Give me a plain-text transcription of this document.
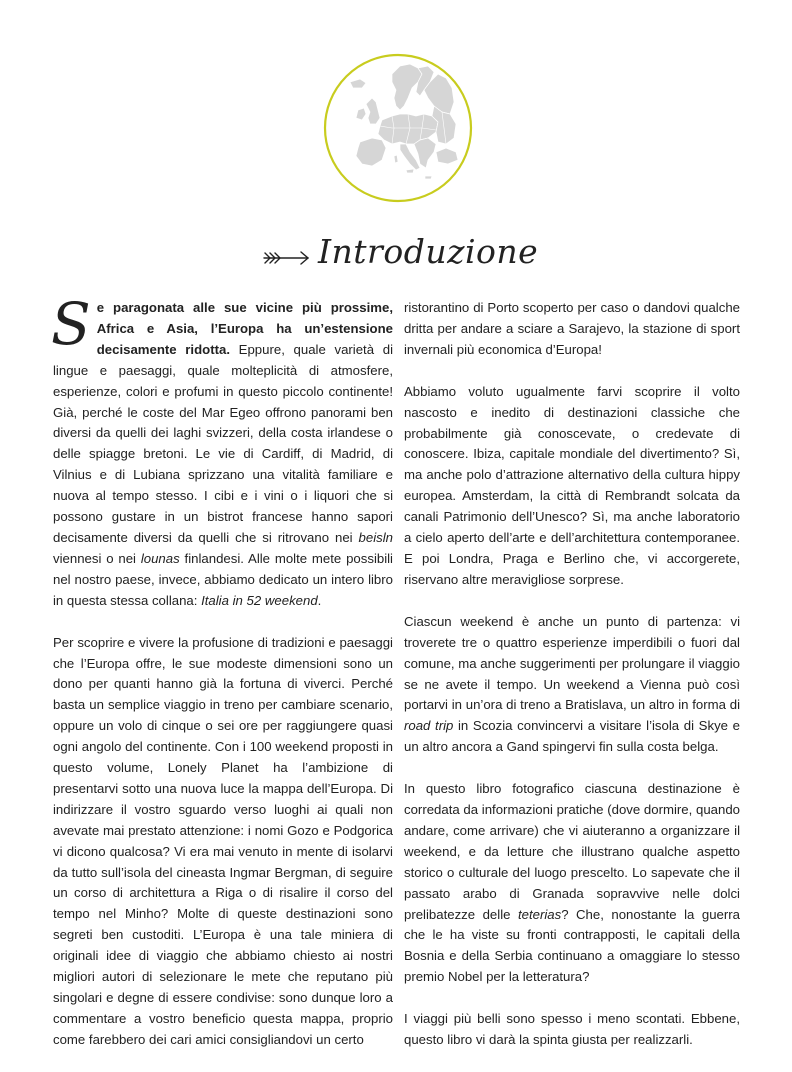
Introduzione

Se paragonata alle sue vicine più prossime, Africa e Asia, l’Europa ha un’estensione decisamente ridotta. Eppure, quale varietà di lingue e paesaggi, quale molteplicità di atmosfere, esperienze, colori e profumi in questo piccolo continente! Già, perché le coste del Mar Egeo offrono panorami ben diversi da quelli dei laghi svizzeri, della costa irlandese o delle spiagge bretoni. Le vie di Cardiff, di Madrid, di Vilnius e di Lubiana sprizzano una vitalità familiare e nuova al tempo stesso. I cibi e i vini o i liquori che si possono gustare in un bistrot francese hanno sapori decisamente diversi da quelli che si ritrovano nei beisln viennesi o nei lounas finlandesi. Alle molte mete possibili nel nostro paese, invece, abbiamo dedicato un intero libro in questa stessa collana: Italia in 52 weekend.

Per scoprire e vivere la profusione di tradizioni e paesaggi che l’Europa offre, le sue modeste dimensioni sono un dono per quanti hanno già la fortuna di viverci. Perché basta un semplice viaggio in treno per cambiare scenario, oppure un volo di cinque o sei ore per raggiungere quasi ogni angolo del continente. Con i 100 weekend proposti in questo volume, Lonely Planet ha l’ambizione di presentarvi sotto una nuova luce la mappa dell’Europa. Di indirizzare il vostro sguardo verso luoghi ai quali non avevate mai prestato attenzione: i nomi Gozo e Podgorica vi dicono qualcosa? Vi era mai venuto in mente di isolarvi da tutto sull’isola del cineasta Ingmar Bergman, di seguire un corso di architettura a Riga o di risalire il corso del tempo nel Minho? Molte di queste destinazioni sono segreti ben custoditi. L’Europa è una tale miniera di originali idee di viaggio che abbiamo chiesto ai nostri migliori autori di selezionare le mete che reputano più singolari e degne di essere condivise: sono dunque loro a commentare a vostro beneficio questa mappa, proprio come farebbero dei cari amici consigliandovi un certo

ristorantino di Porto scoperto per caso o dandovi qualche dritta per andare a sciare a Sarajevo, la stazione di sport invernali più economica d’Europa!

Abbiamo voluto ugualmente farvi scoprire il volto nascosto e inedito di destinazioni classiche che probabilmente già conoscevate, o credevate di conoscere. Ibiza, capitale mondiale del divertimento? Sì, ma anche polo d’attrazione alternativo della cultura hippy europea. Amsterdam, la città di Rembrandt solcata da canali Patrimonio dell’Unesco? Sì, ma anche laboratorio a cielo aperto dell’arte e dell’architettura contemporanee. E poi Londra, Praga e Berlino che, vi accorgerete, riservano altre meravigliose sorprese.

Ciascun weekend è anche un punto di partenza: vi troverete tre o quattro esperienze imperdibili o fuori dal comune, ma anche suggerimenti per prolungare il viaggio se ne avete il tempo. Un weekend a Vienna può così portarvi in un’ora di treno a Bratislava, un altro in forma di road trip in Scozia convincervi a visitare l’isola di Skye e un altro ancora a Gand spingervi fin sulla costa belga.

In questo libro fotografico ciascuna destinazione è corredata da informazioni pratiche (dove dormire, quando andare, come arrivare) che vi aiuteranno a organizzare il weekend, e da letture che illustrano qualche aspetto storico o culturale del luogo prescelto. Lo sapevate che il passato arabo di Granada sopravvive nelle dolci prelibatezze delle teterias? Che, nonostante la guerra che le ha viste su fronti contrapposti, le capitali della Bosnia e della Serbia continuano a omaggiare lo stesso premio Nobel per la letteratura?

I viaggi più belli sono spesso i meno scontati. Ebbene, questo libro vi darà la spinta giusta per realizzarli.
